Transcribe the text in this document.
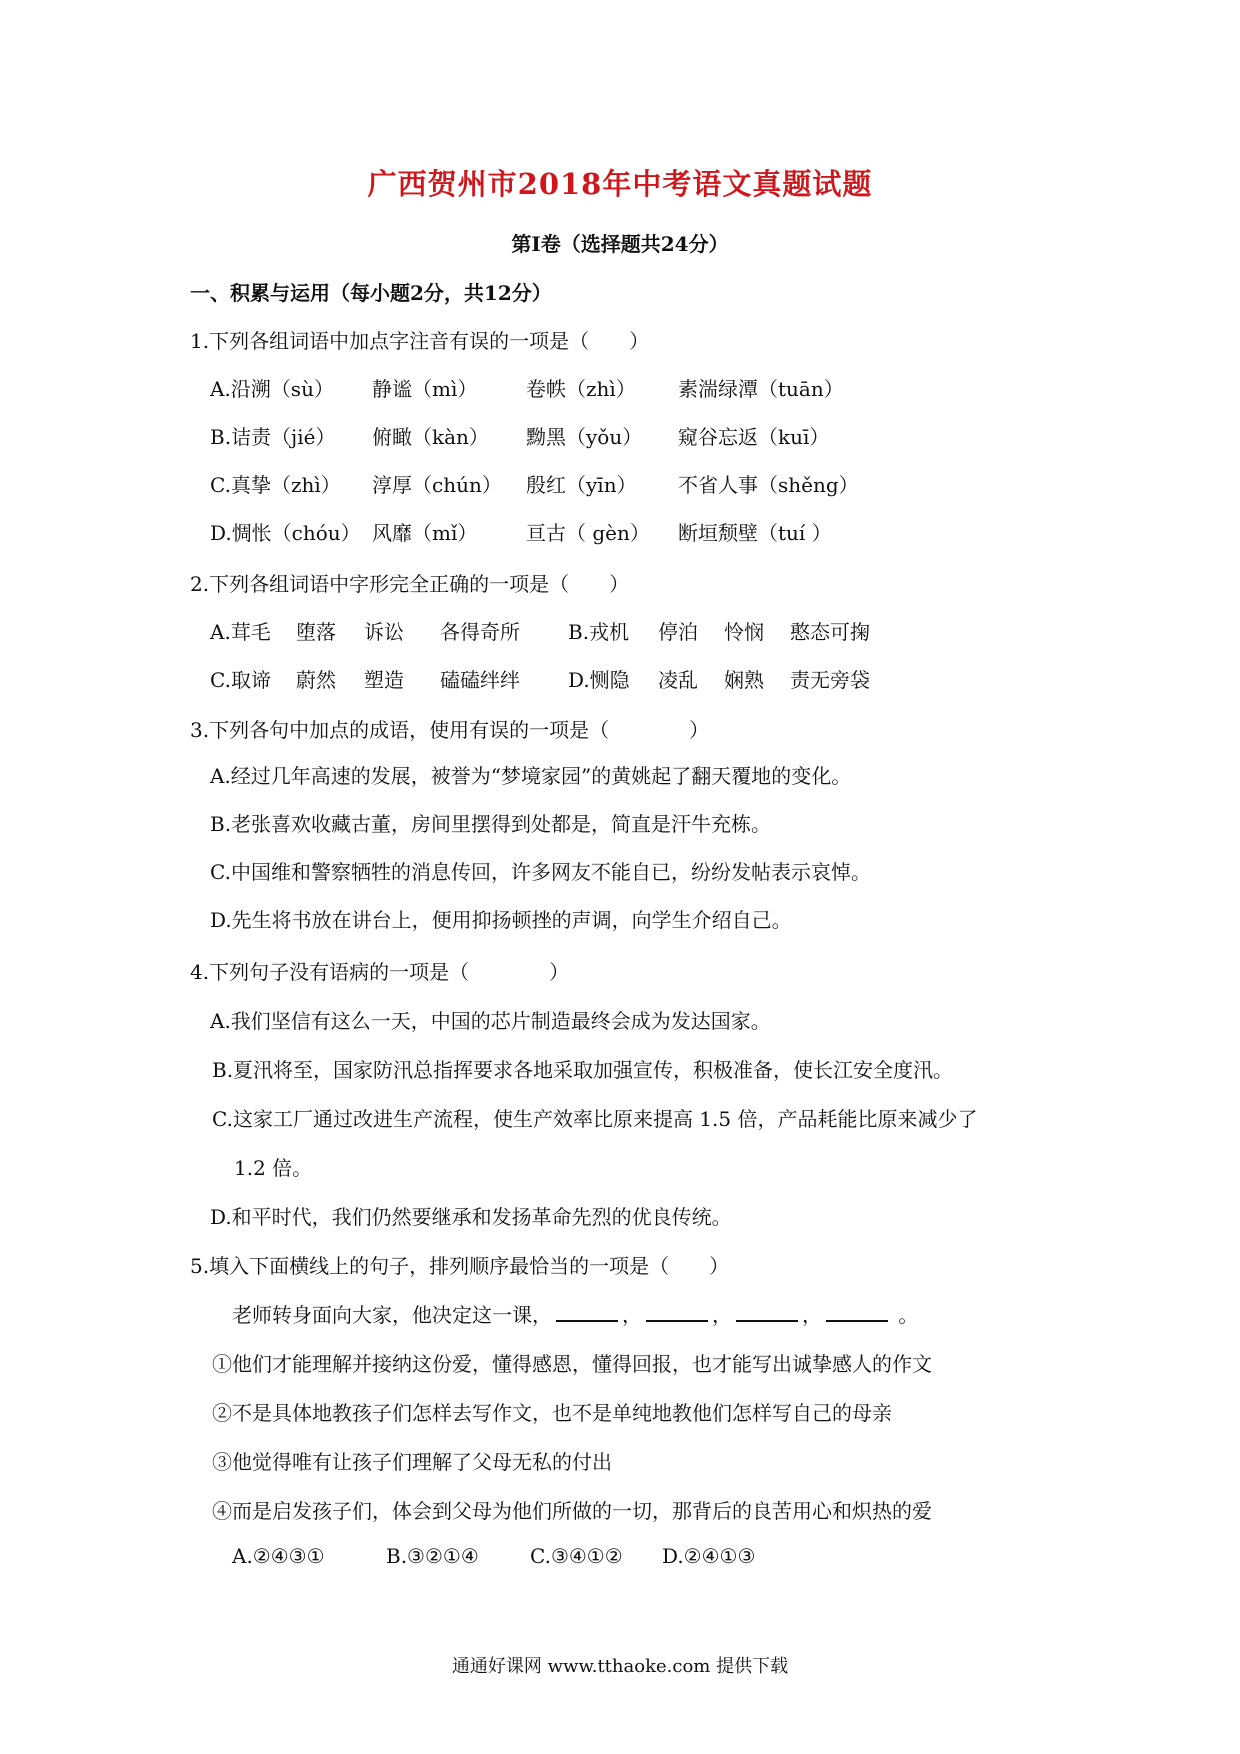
广西贺州市2018年中考语文真题试题
第Ⅰ卷（选择题共24分）
一、积累与运用（每小题2分，共12分）
1.下列各组词语中加点字注音有误的一项是（　　）
A.沿溯（sù） 静谧（mì） 卷帙（zhì） 素湍绿潭（tuān）
B.诘责（jié） 俯瞰（kàn） 黝黑（yǒu） 窥谷忘返（kuī）
C.真挚（zhì） 淳厚（chún） 殷红（yīn） 不省人事（shěng）
D.惆怅（chóu） 风靡（mǐ） 亘古（ gèn） 断垣颓壁（tuí ）
2.下列各组词语中字形完全正确的一项是（　　）
A.茸毛 堕落 诉讼 各得奇所 B.戎机 停泊 怜悯 憨态可掬
C.取谛 蔚然 塑造 磕磕绊绊 D.恻隐 凌乱 娴熟 责无旁袋
3.下列各句中加点的成语，使用有误的一项是（　　　　）
A.经过几年高速的发展，被誉为“梦境家园”的黄姚起了翻天覆地的变化。
B.老张喜欢收藏古董，房间里摆得到处都是，简直是汗牛充栋。
C.中国维和警察牺牲的消息传回，许多网友不能自已，纷纷发帖表示哀悼。
D.先生将书放在讲台上，便用抑扬顿挫的声调，向学生介绍自己。
4.下列句子没有语病的一项是（　　　　）
A.我们坚信有这么一天，中国的芯片制造最终会成为发达国家。
B.夏汛将至，国家防汛总指挥要求各地采取加强宣传，积极准备，使长江安全度汛。
C.这家工厂通过改进生产流程，使生产效率比原来提高 1.5 倍，产品耗能比原来减少了
1.2 倍。
D.和平时代，我们仍然要继承和发扬革命先烈的优良传统。
5.填入下面横线上的句子，排列顺序最恰当的一项是（　　）
老师转身面向大家，他决定这一课，	，	，	，	。
①他们才能理解并接纳这份爱，懂得感恩，懂得回报，也才能写出诚挚感人的作文
②不是具体地教孩子们怎样去写作文，也不是单纯地教他们怎样写自己的母亲
③他觉得唯有让孩子们理解了父母无私的付出
④而是启发孩子们，体会到父母为他们所做的一切，那背后的良苦用心和炽热的爱
A.②④③①	B.③②①④	C.③④①② D.②④①③
通通好课网 www.tthaoke.com 提供下载
